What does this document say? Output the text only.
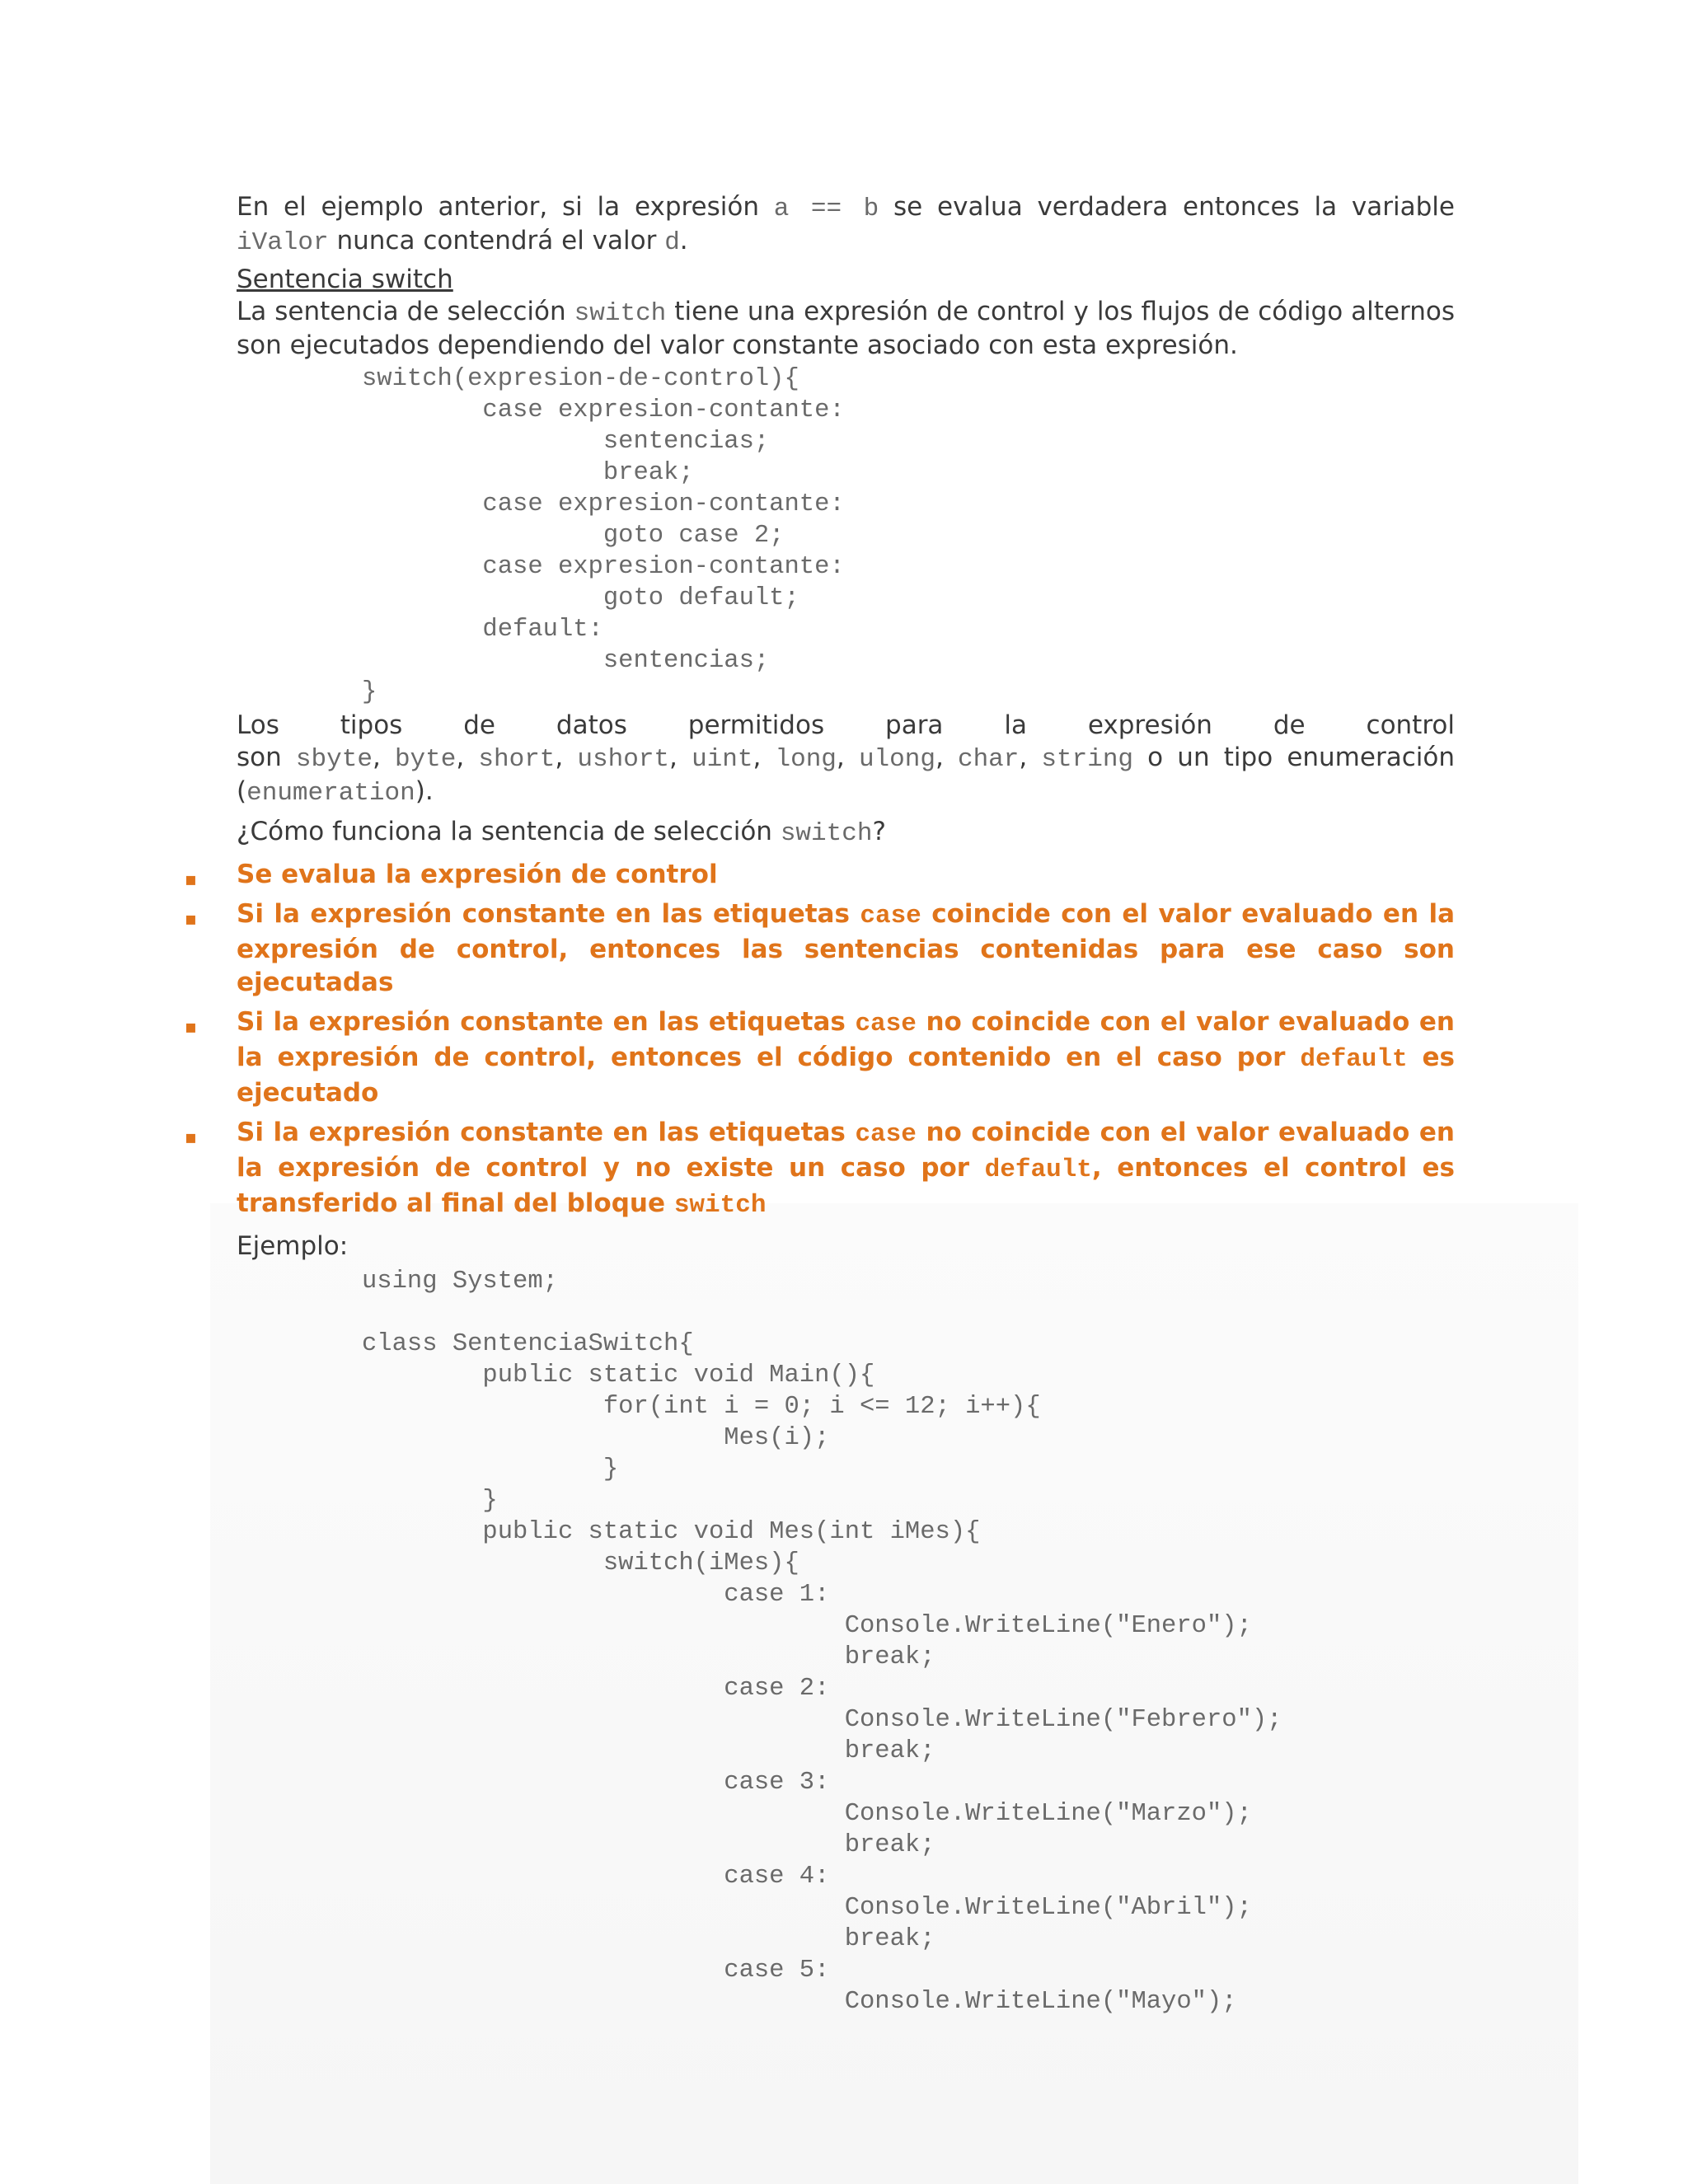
En el ejemplo anterior, si la expresión a == b se evalua verdadera entonces la variable iValor nunca contendrá el valor d.

Sentencia switch

La sentencia de selección switch tiene una expresión de control y los flujos de código alternos son ejecutados dependiendo del valor constante asociado con esta expresión.

switch(expresion-de-control){
case expresion-contante:
sentencias;
break;
case expresion-contante:
goto case 2;
case expresion-contante:
goto default;
default:
sentencias;
}

Los tipos de datos permitidos para la expresión de control

son sbyte, byte, short, ushort, uint, long, ulong, char, string o un tipo enumeración

(enumeration).

¿Cómo funciona la sentencia de selección switch?

▪ Se evalua la expresión de control
▪ Si la expresión constante en las etiquetas case coincide con el valor evaluado en la expresión de control, entonces las sentencias contenidas para ese caso son ejecutadas
▪ Si la expresión constante en las etiquetas case no coincide con el valor evaluado en la expresión de control, entonces el código contenido en el caso por default es ejecutado
▪ Si la expresión constante en las etiquetas case no coincide con el valor evaluado en la expresión de control y no existe un caso por default, entonces el control es transferido al final del bloque switch

Ejemplo:

using System;

class SentenciaSwitch{
public static void Main(){
for(int i = 0; i <= 12; i++){
Mes(i);
}
}
public static void Mes(int iMes){
switch(iMes){
case 1:
Console.WriteLine("Enero");
break;
case 2:
Console.WriteLine("Febrero");
break;
case 3:
Console.WriteLine("Marzo");
break;
case 4:
Console.WriteLine("Abril");
break;
case 5:
Console.WriteLine("Mayo");
